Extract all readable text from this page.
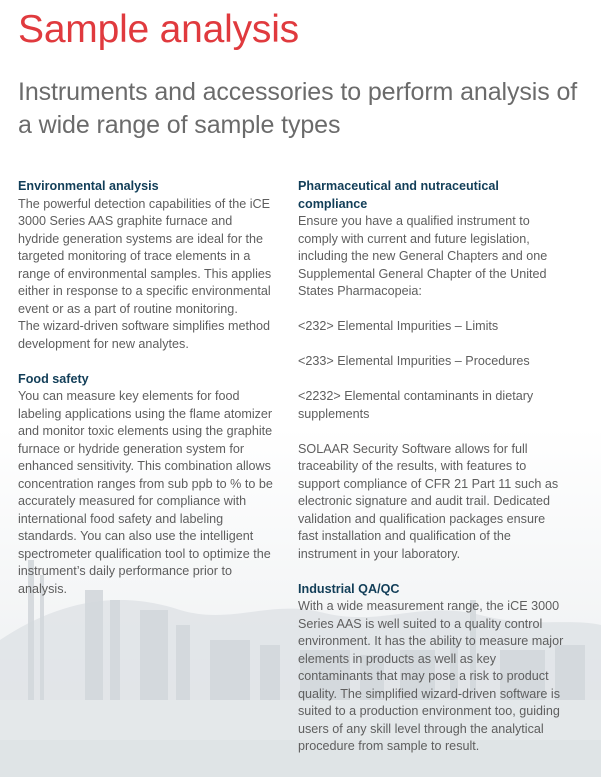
Sample analysis

Instruments and accessories to perform analysis of a wide range of sample types

Environmental analysis

The powerful detection capabilities of the iCE 3000 Series AAS graphite furnace and hydride generation systems are ideal for the targeted monitoring of trace elements in a range of environmental samples. This applies either in response to a specific environmental event or as a part of routine monitoring.

The wizard-driven software simplifies method development for new analytes.

Food safety

You can measure key elements for food labeling applications using the flame atomizer and monitor toxic elements using the graphite furnace or hydride generation system for enhanced sensitivity. This combination allows concentration ranges from sub ppb to % to be accurately measured for compliance with international food safety and labeling standards. You can also use the intelligent spectrometer qualification tool to optimize the instrument’s daily performance prior to analysis.

Pharmaceutical and nutraceutical compliance

Ensure you have a qualified instrument to comply with current and future legislation, including the new General Chapters and one Supplemental General Chapter of the United States Pharmacopeia:

<232> Elemental Impurities – Limits

<233> Elemental Impurities – Procedures

<2232> Elemental contaminants in dietary supplements

SOLAAR Security Software allows for full traceability of the results, with features to support compliance of CFR 21 Part 11 such as electronic signature and audit trail. Dedicated validation and qualification packages ensure fast installation and qualification of the instrument in your laboratory.

Industrial QA/QC

With a wide measurement range, the iCE 3000 Series AAS is well suited to a quality control environment. It has the ability to measure major elements in products as well as key contaminants that may pose a risk to product quality. The simplified wizard-driven software is suited to a production environment too, guiding users of any skill level through the analytical procedure from sample to result.
